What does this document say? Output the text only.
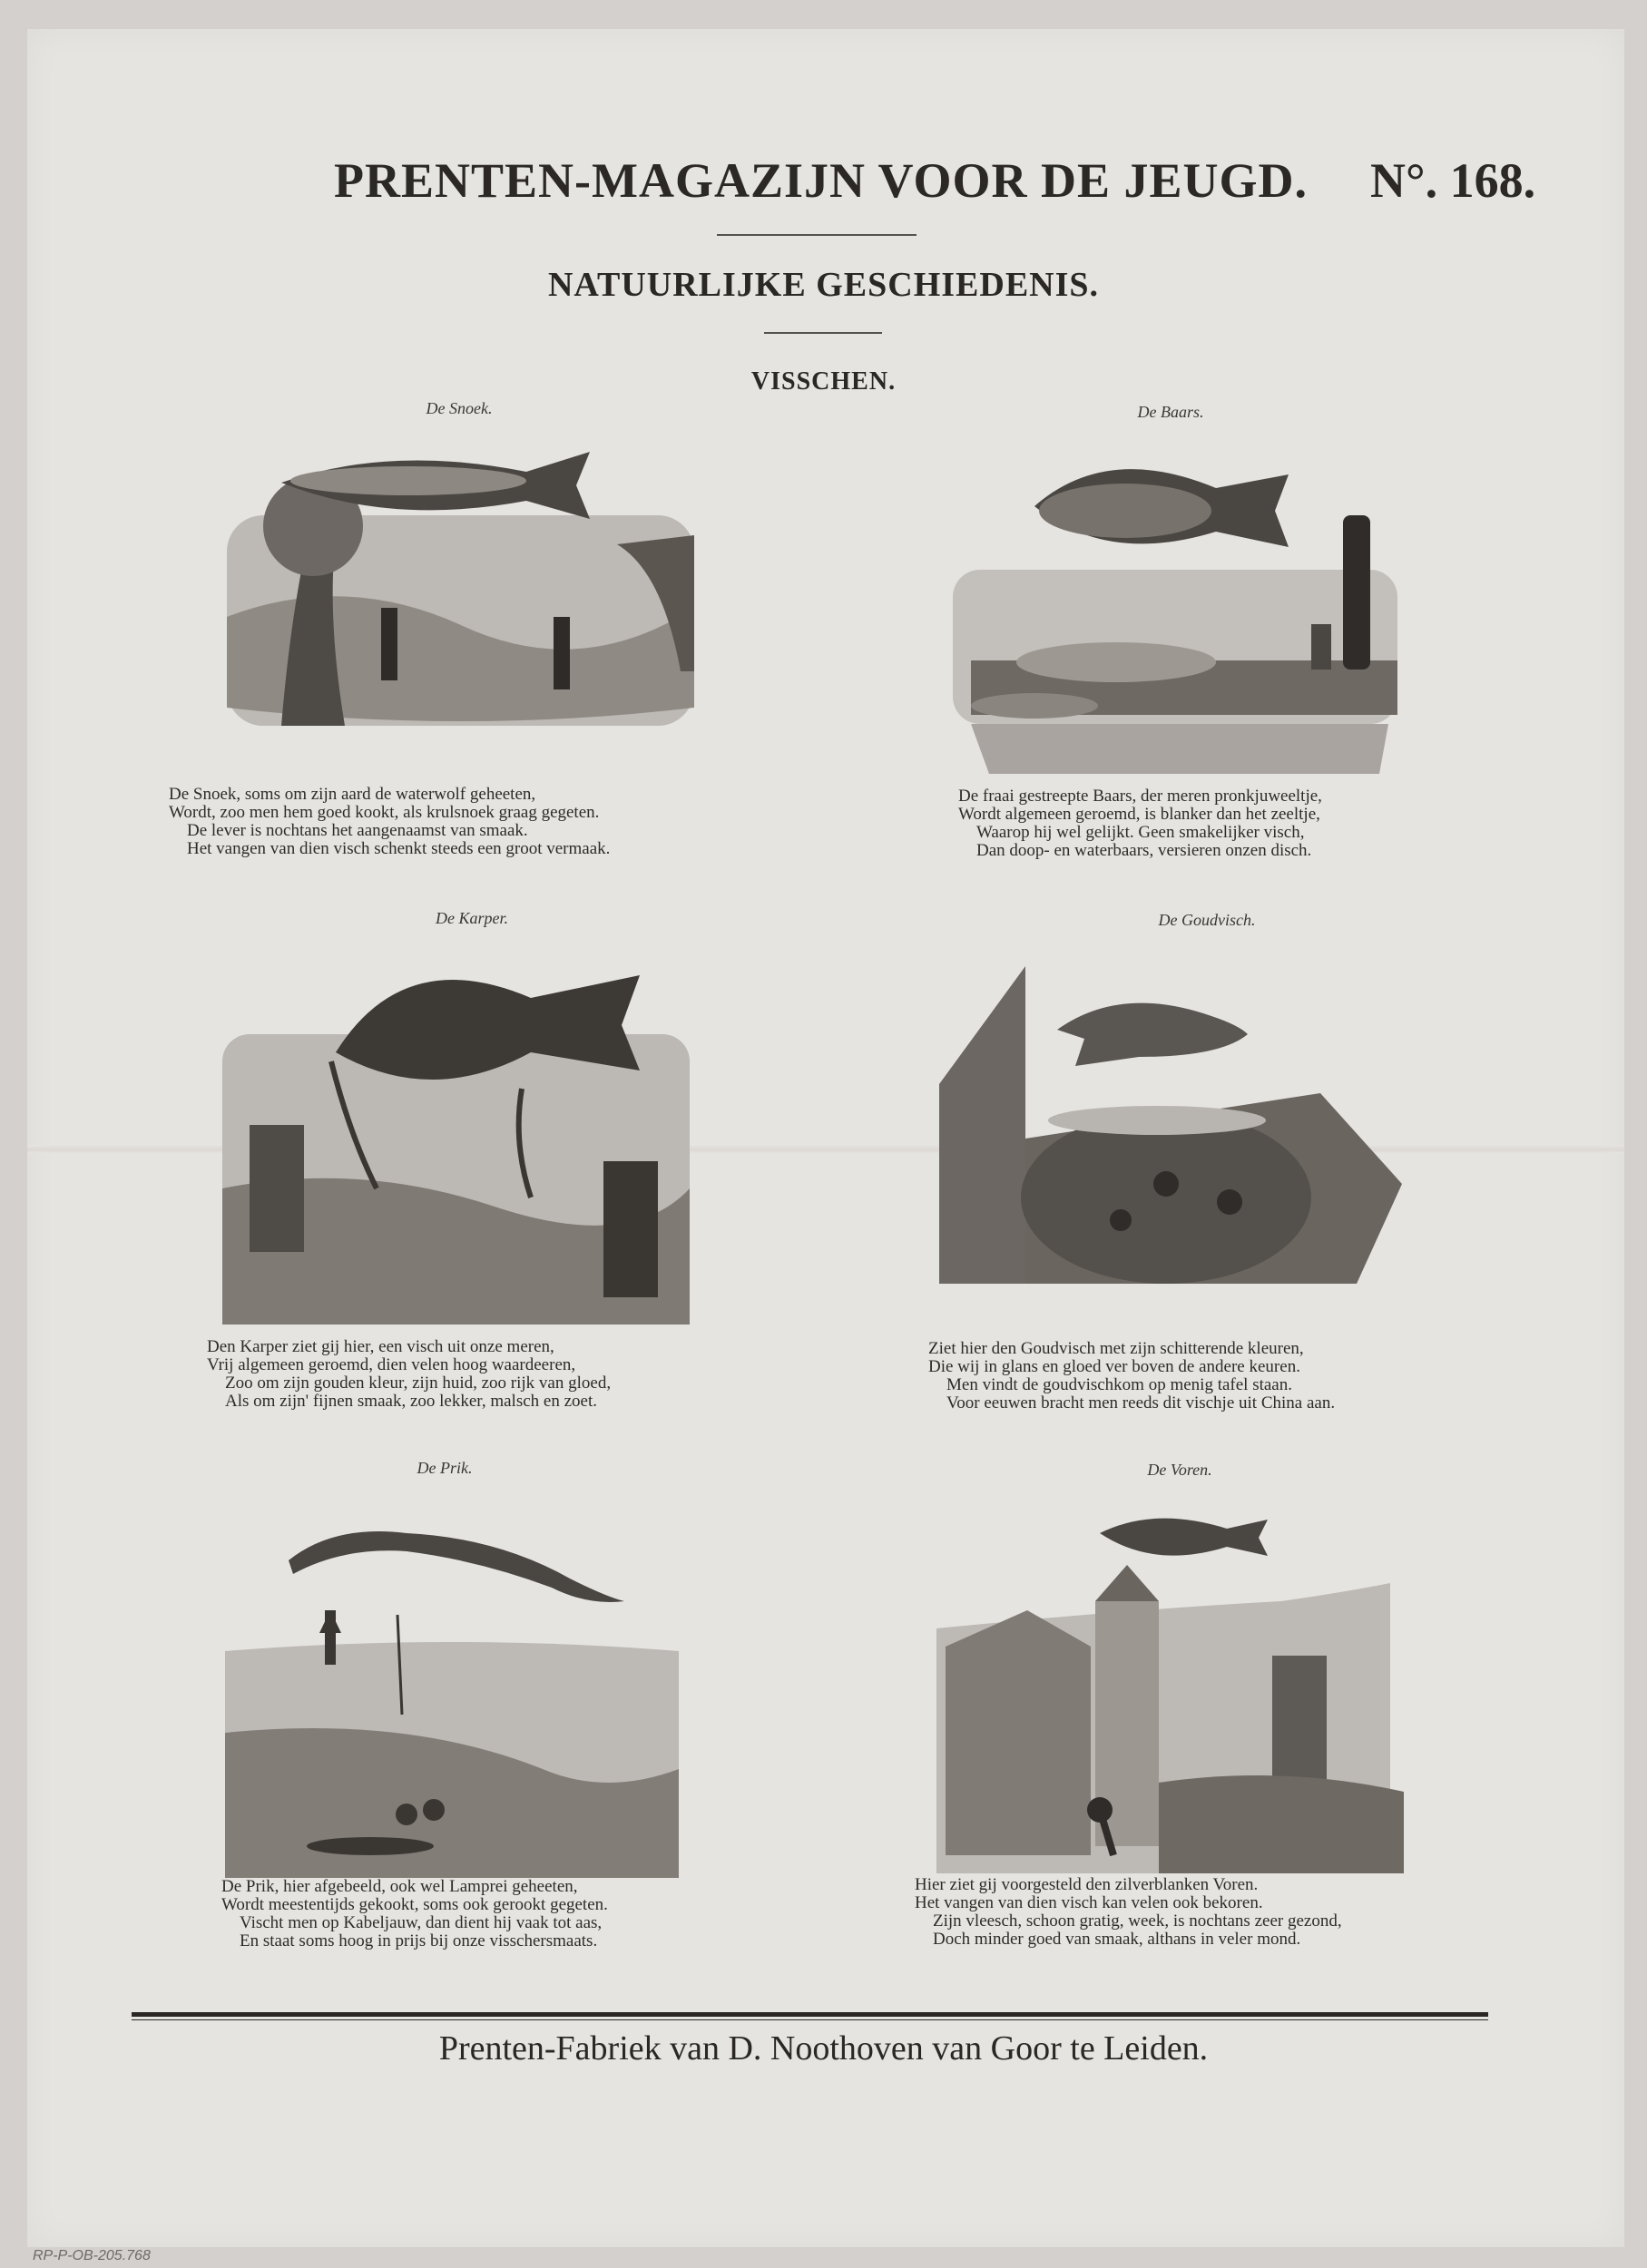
PRENTEN-MAGAZIJN VOOR DE JEUGD. N°. 168.
NATUURLIJKE GESCHIEDENIS.
VISSCHEN.
De Snoek.
De Snoek, soms om zijn aard de waterwolf geheeten,
Wordt, zoo men hem goed kookt, als krulsnoek graag gegeten.
De lever is nochtans het aangenaamst van smaak.
Het vangen van dien visch schenkt steeds een groot vermaak.
De Baars.
De fraai gestreepte Baars, der meren pronkjuweeltje,
Wordt algemeen geroemd, is blanker dan het zeeltje,
Waarop hij wel gelijkt. Geen smakelijker visch,
Dan doop- en waterbaars, versieren onzen disch.
De Karper.
Den Karper ziet gij hier, een visch uit onze meren,
Vrij algemeen geroemd, dien velen hoog waardeeren,
Zoo om zijn gouden kleur, zijn huid, zoo rijk van gloed,
Als om zijn' fijnen smaak, zoo lekker, malsch en zoet.
De Goudvisch.
Ziet hier den Goudvisch met zijn schitterende kleuren,
Die wij in glans en gloed ver boven de andere keuren.
Men vindt de goudvischkom op menig tafel staan.
Voor eeuwen bracht men reeds dit vischje uit China aan.
De Prik.
De Prik, hier afgebeeld, ook wel Lamprei geheeten,
Wordt meestentijds gekookt, soms ook gerookt gegeten.
Vischt men op Kabeljauw, dan dient hij vaak tot aas,
En staat soms hoog in prijs bij onze visschersmaats.
De Voren.
Hier ziet gij voorgesteld den zilverblanken Voren.
Het vangen van dien visch kan velen ook bekoren.
Zijn vleesch, schoon gratig, week, is nochtans zeer gezond,
Doch minder goed van smaak, althans in veler mond.
Prenten-Fabriek van D. Noothoven van Goor te Leiden.
RP-P-OB-205.768
